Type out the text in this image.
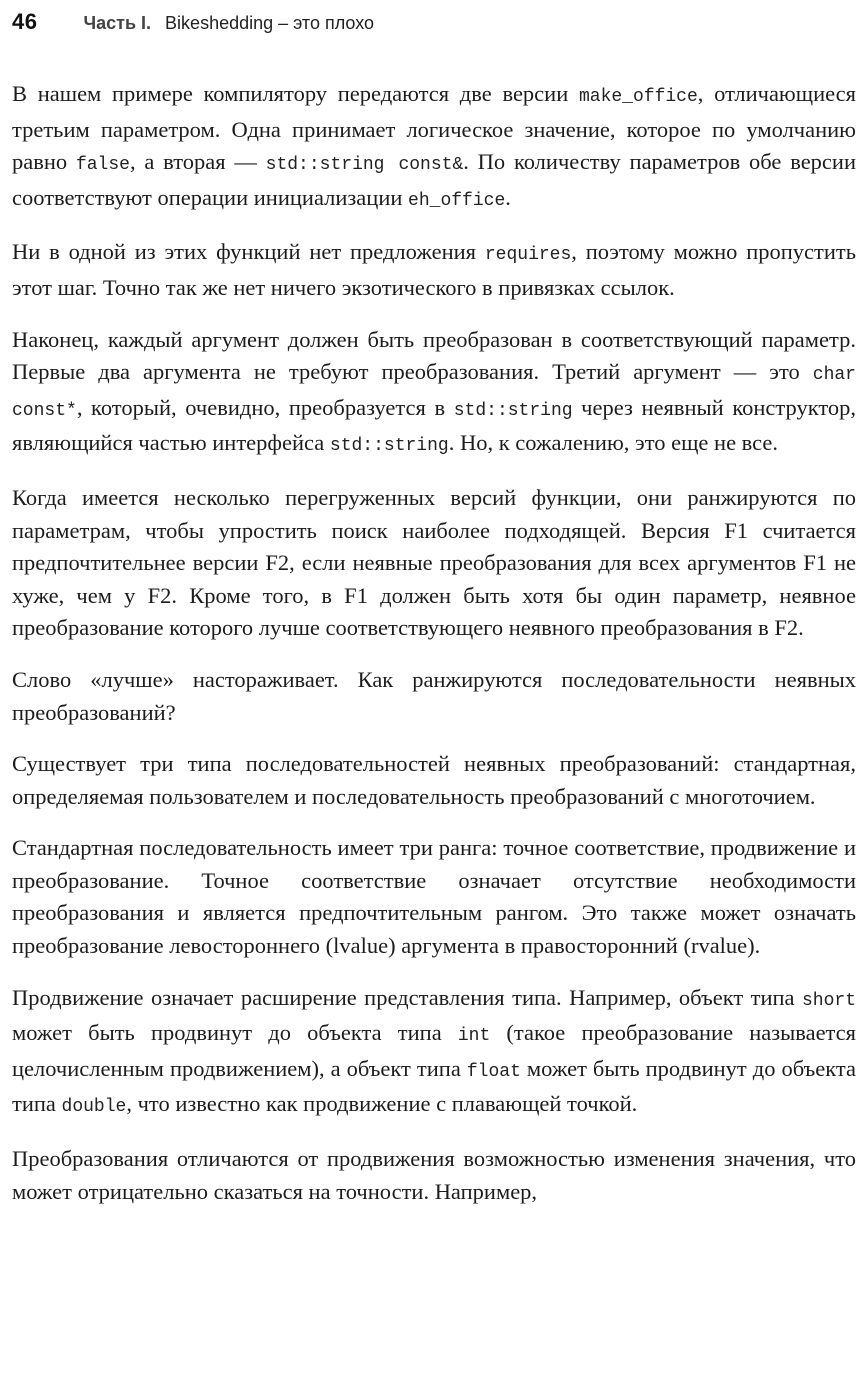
46	Часть I. Bikeshedding – это плохо

В нашем примере компилятору передаются две версии make_office, отличающиеся третьим параметром. Одна принимает логическое значение, которое по умолчанию равно false, а вторая — std::string const&. По количеству параметров обе версии соответствуют операции инициализации eh_office.

Ни в одной из этих функций нет предложения requires, поэтому можно пропустить этот шаг. Точно так же нет ничего экзотического в привязках ссылок.

Наконец, каждый аргумент должен быть преобразован в соответствующий параметр. Первые два аргумента не требуют преобразования. Третий аргумент — это char const*, который, очевидно, преобразуется в std::string через неявный конструктор, являющийся частью интерфейса std::string. Но, к сожалению, это еще не все.

Когда имеется несколько перегруженных версий функции, они ранжируются по параметрам, чтобы упростить поиск наиболее подходящей. Версия F1 считается предпочтительнее версии F2, если неявные преобразования для всех аргументов F1 не хуже, чем у F2. Кроме того, в F1 должен быть хотя бы один параметр, неявное преобразование которого лучше соответствующего неявного преобразования в F2.

Слово «лучше» настораживает. Как ранжируются последовательности неявных преобразований?

Существует три типа последовательностей неявных преобразований: стандартная, определяемая пользователем и последовательность преобразований с многоточием.

Стандартная последовательность имеет три ранга: точное соответствие, продвижение и преобразование. Точное соответствие означает отсутствие необходимости преобразования и является предпочтительным рангом. Это также может означать преобразование левостороннего (lvalue) аргумента в правосторонний (rvalue).

Продвижение означает расширение представления типа. Например, объект типа short может быть продвинут до объекта типа int (такое преобразование называется целочисленным продвижением), а объект типа float может быть продвинут до объекта типа double, что известно как продвижение с плавающей точкой.

Преобразования отличаются от продвижения возможностью изменения значения, что может отрицательно сказаться на точности. Например,
